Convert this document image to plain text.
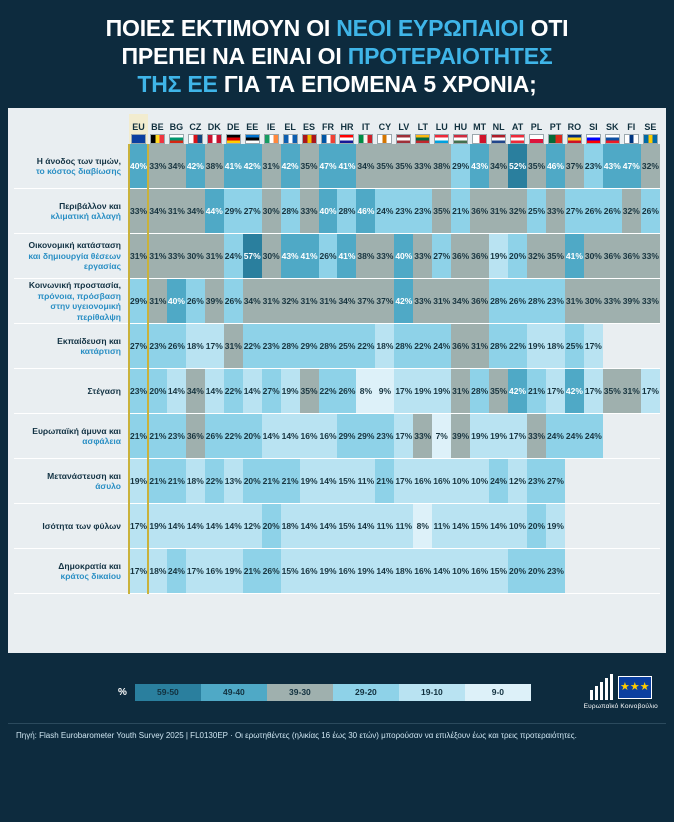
ΠΟΙΕΣ ΕΚΤΙΜΟΥΝ ΟΙ ΝΕΟΙ ΕΥΡΩΠΑΙΟΙ ΟΤΙ
ΠΡΕΠΕΙ ΝΑ ΕΙΝΑΙ ΟΙ ΠΡΟΤΕΡΑΙΟΤΗΤΕΣ
ΤΗΣ ΕΕ ΓΙΑ ΤΑ ΕΠΟΜΕΝΑ 5 ΧΡΟΝΙΑ;

	EU	BE	BG	CZ	DK	DE	EE	IE	EL	ES	FR	HR	IT	CY	LV	LT	LU	HU	MT	NL	AT	PL	PT	RO	SI	SK	FI	SE

Η άνοδος των τιμών,
το κόστος διαβίωσης	40%	33%	34%	42%	38%	41%	42%	31%	42%	35%	47%	41%	34%	35%	35%	33%	38%	29%	43%	34%	52%	35%	46%	37%	23%	43%	47%	32%
Περιβάλλον και
κλιματική αλλαγή	33%	34%	31%	34%	44%	29%	27%	30%	28%	33%	40%	28%	46%	24%	23%	23%	35%	21%	36%	31%	32%	25%	33%	27%	26%	26%	32%	26%
Οικονομική κατάσταση
και δημιουργία θέσεων
εργασίας	31%	31%	33%	30%	31%	24%	57%	30%	43%	41%	26%	41%	38%	33%	40%	33%	27%	36%	36%	19%	20%	32%	35%	41%	30%	36%	36%	33%
Κοινωνική προστασία,
πρόνοια, πρόσβαση
στην υγειονομική
περίθαλψη	29%	31%	40%	26%	39%	26%	34%	31%	32%	31%	31%	34%	37%	37%	42%	33%	31%	34%	36%	28%	26%	28%	23%	31%	30%	33%	39%	33%
Εκπαίδευση και
κατάρτιση	27%	23%	26%	18%	17%	31%	22%	23%	28%	29%	28%	25%	22%	18%	28%	22%	24%	36%	31%	28%	22%	19%	18%	25%	17%			
Στέγαση	23%	20%	14%	34%	14%	22%	14%	27%	19%	35%	22%	26%	8%	9%	17%	19%	19%	31%	28%	35%	42%	21%	17%	42%	17%	35%	31%	17%
Ευρωπαϊκή άμυνα και
ασφάλεια	21%	21%	23%	36%	26%	22%	20%	14%	14%	16%	16%	29%	29%	23%	17%	33%	7%	39%	19%	19%	17%	33%	24%	24%	24%			
Μετανάστευση και
άσυλο	19%	21%	21%	18%	22%	13%	20%	21%	21%	19%	14%	15%	11%	21%	17%	16%	16%	10%	10%	24%	12%	23%	27%					
Ισότητα των φύλων	17%	19%	14%	14%	14%	14%	12%	20%	18%	14%	14%	15%	14%	11%	11%	8%	11%	14%	15%	14%	10%	20%	19%					
Δημοκρατία και
κράτος δικαίου	17%	18%	24%	17%	16%	19%	21%	26%	15%	16%	19%	16%	19%	14%	18%	16%	14%	10%	16%	15%	20%	20%	23%					
%	59-50	49-40	39-30	29-20	19-10	9-0	★★★
Ευρωπαϊκό Κοινοβούλιο
Πηγή: Flash Eurobarometer Youth Survey 2025 | FL0130EP · Οι ερωτηθέντες (ηλικίας 16 έως 30 ετών) μπορούσαν να επιλέξουν έως και τρεις προτεραιότητες.
